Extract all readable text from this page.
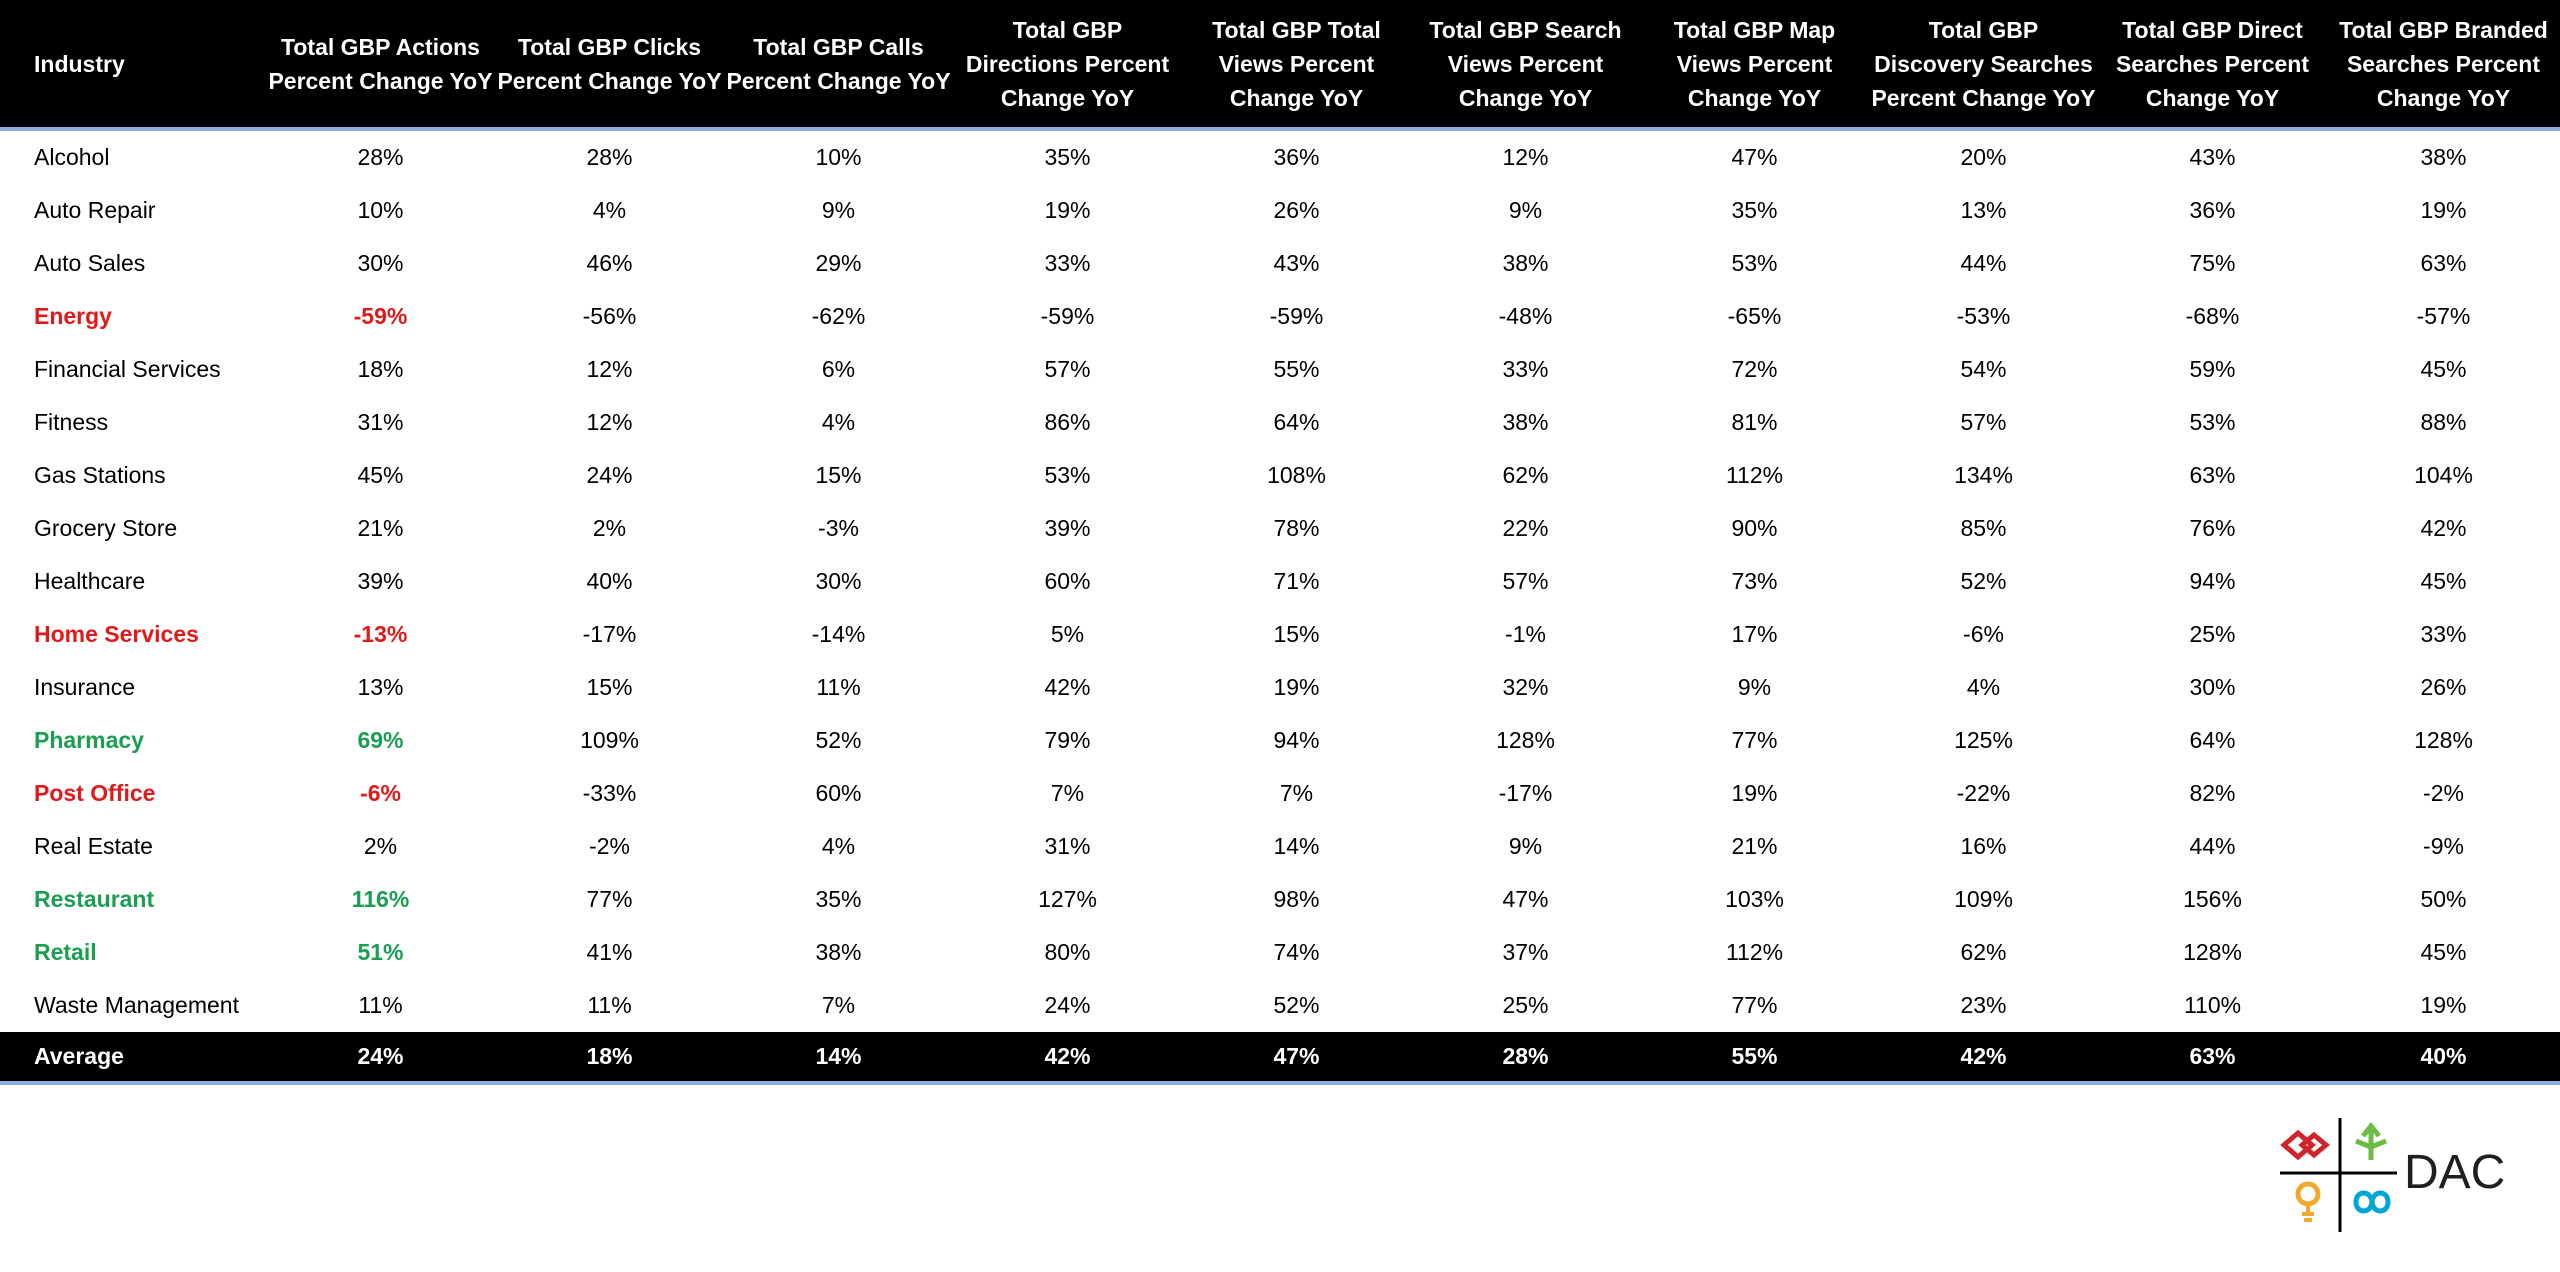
Industry	Total GBP Actions Percent Change YoY	Total GBP Clicks Percent Change YoY	Total GBP Calls Percent Change YoY	Total GBP Directions Percent Change YoY	Total GBP Total Views Percent Change YoY	Total GBP Search Views Percent Change YoY	Total GBP Map Views Percent Change YoY	Total GBP Discovery Searches Percent Change YoY	Total GBP Direct Searches Percent Change YoY	Total GBP Branded Searches Percent Change YoY
Alcohol	28%	28%	10%	35%	36%	12%	47%	20%	43%	38%
Auto Repair	10%	4%	9%	19%	26%	9%	35%	13%	36%	19%
Auto Sales	30%	46%	29%	33%	43%	38%	53%	44%	75%	63%
Energy	-59%	-56%	-62%	-59%	-59%	-48%	-65%	-53%	-68%	-57%
Financial Services	18%	12%	6%	57%	55%	33%	72%	54%	59%	45%
Fitness	31%	12%	4%	86%	64%	38%	81%	57%	53%	88%
Gas Stations	45%	24%	15%	53%	108%	62%	112%	134%	63%	104%
Grocery Store	21%	2%	-3%	39%	78%	22%	90%	85%	76%	42%
Healthcare	39%	40%	30%	60%	71%	57%	73%	52%	94%	45%
Home Services	-13%	-17%	-14%	5%	15%	-1%	17%	-6%	25%	33%
Insurance	13%	15%	11%	42%	19%	32%	9%	4%	30%	26%
Pharmacy	69%	109%	52%	79%	94%	128%	77%	125%	64%	128%
Post Office	-6%	-33%	60%	7%	7%	-17%	19%	-22%	82%	-2%
Real Estate	2%	-2%	4%	31%	14%	9%	21%	16%	44%	-9%
Restaurant	116%	77%	35%	127%	98%	47%	103%	109%	156%	50%
Retail	51%	41%	38%	80%	74%	37%	112%	62%	128%	45%
Waste Management	11%	11%	7%	24%	52%	25%	77%	23%	110%	19%
Average	24%	18%	14%	42%	47%	28%	55%	42%	63%	40%
DAC
